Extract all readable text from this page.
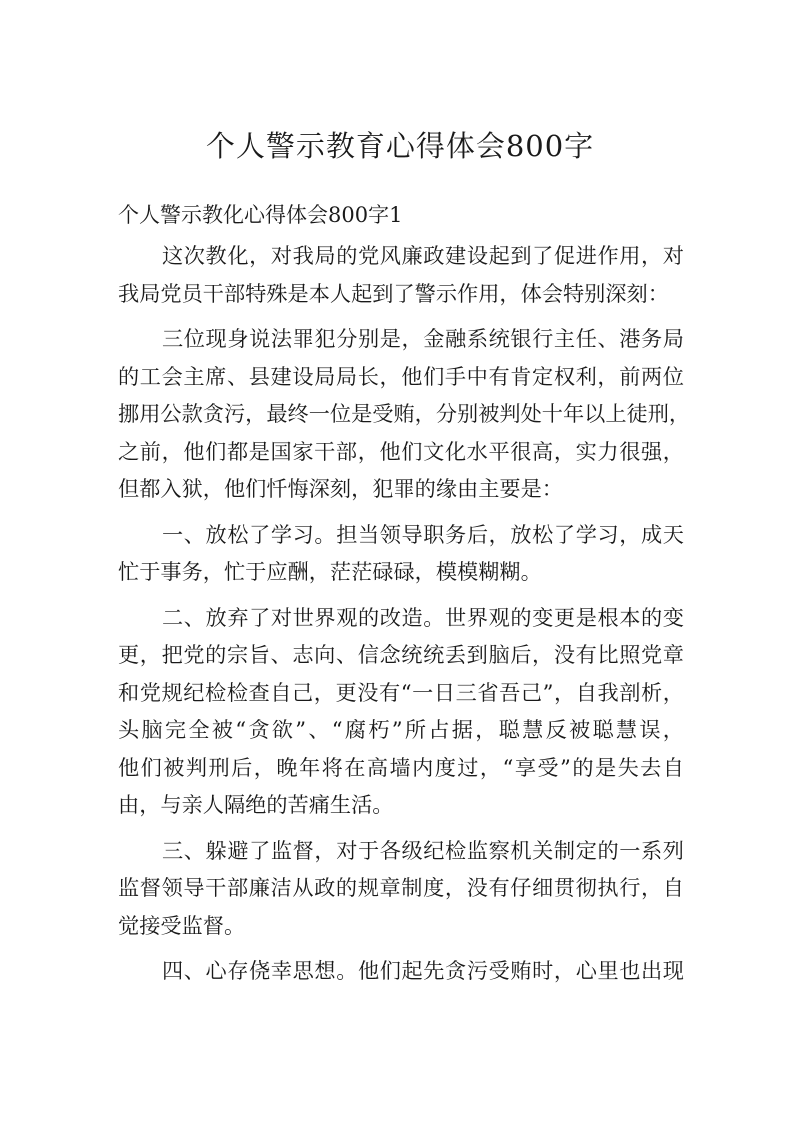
个人警示教育心得体会800字

个人警示教化心得体会800字1

这次教化，对我局的党风廉政建设起到了促进作用，对
我局党员干部特殊是本人起到了警示作用，体会特别深刻：
三位现身说法罪犯分别是，金融系统银行主任、港务局
的工会主席、县建设局局长，他们手中有肯定权利，前两位
挪用公款贪污，最终一位是受贿，分别被判处十年以上徒刑，
之前，他们都是国家干部，他们文化水平很高，实力很强，
但都入狱，他们忏悔深刻，犯罪的缘由主要是：
一、放松了学习。担当领导职务后，放松了学习，成天
忙于事务，忙于应酬，茫茫碌碌，模模糊糊。
二、放弃了对世界观的改造。世界观的变更是根本的变
更，把党的宗旨、志向、信念统统丢到脑后，没有比照党章
和党规纪检检查自己，更没有“一日三省吾己”，自我剖析，
头脑完全被“贪欲”、“腐朽”所占据，聪慧反被聪慧误，
他们被判刑后，晚年将在高墙内度过，“享受”的是失去自
由，与亲人隔绝的苦痛生活。
三、躲避了监督，对于各级纪检监察机关制定的一系列
监督领导干部廉洁从政的规章制度，没有仔细贯彻执行，自
觉接受监督。
四、心存侥幸思想。他们起先贪污受贿时，心里也出现
